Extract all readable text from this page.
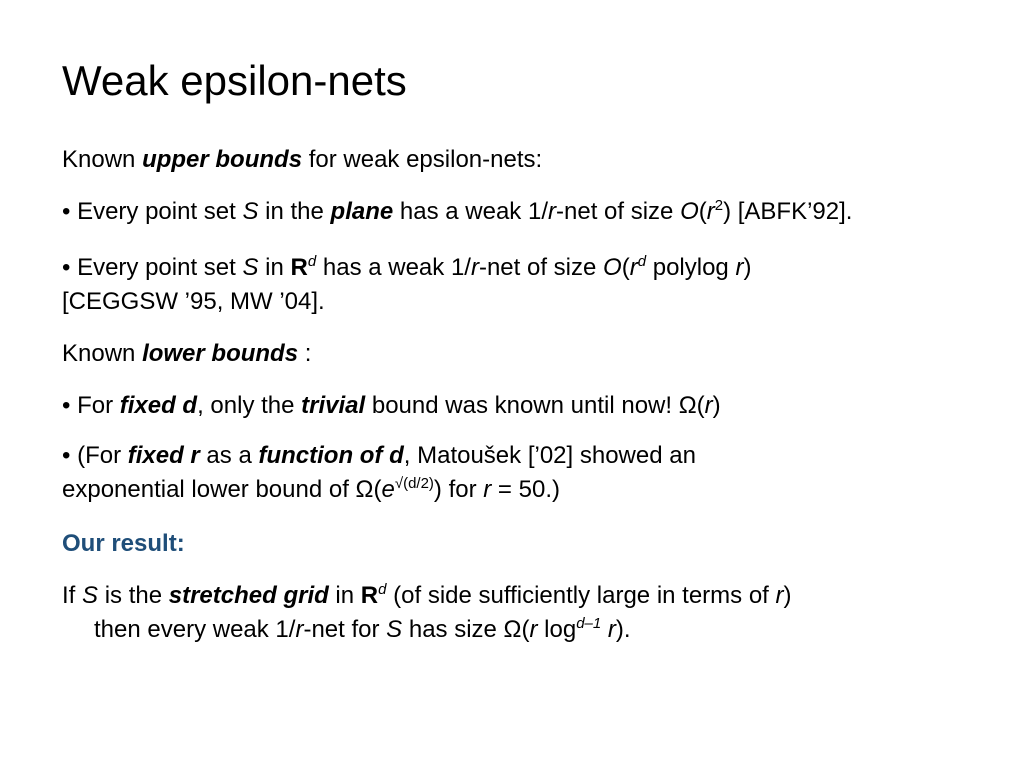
Weak epsilon-nets
Known upper bounds for weak epsilon-nets:
• Every point set S in the plane has a weak 1/r-net of size $O(r^2)$ [ABFK’92].
• Every point set S in $R^d$ has a weak 1/r-net of size $O(r^d$ polylog r)
[CEGGSW ’95, MW ’04].
Known lower bounds :
• For fixed d, only the trivial bound was known until now! Ω(r)
• (For fixed r as a function of d, Matoušek [’02] showed an
exponential lower bound of $\Omega(e^{√(d/2)})$ for r = 50.)
Our result:
If S is the stretched grid in $R^d$ (of side sufficiently large in terms of r)
then every weak 1/r-net for S has size Ω(r $\log^{d-1} r$).
